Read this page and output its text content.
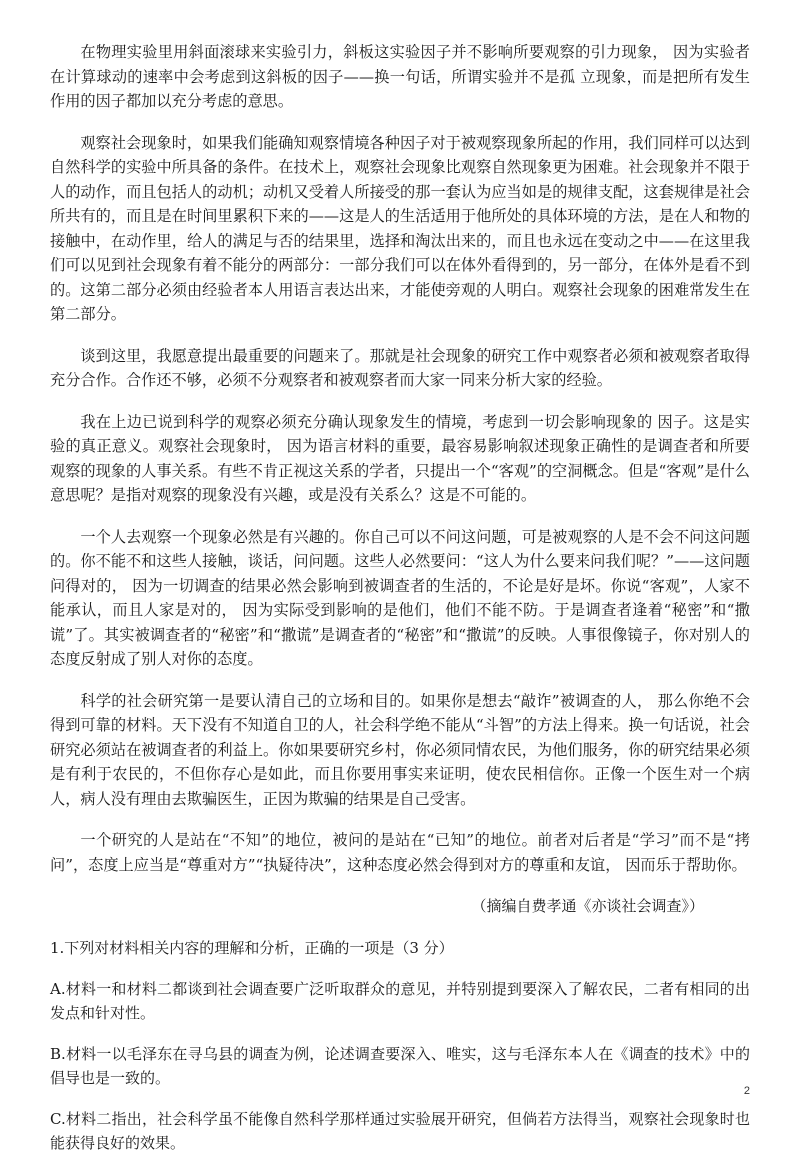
在物理实验里用斜面滚球来实验引力，斜板这实验因子并不影响所要观察的引力现象， 因为实验者在计算球动的速率中会考虑到这斜板的因子——换一句话，所谓实验并不是孤 立现象，而是把所有发生作用的因子都加以充分考虑的意思。

观察社会现象时，如果我们能确知观察情境各种因子对于被观察现象所起的作用，我们同样可以达到自然科学的实验中所具备的条件。在技术上，观察社会现象比观察自然现象更为困难。社会现象并不限于人的动作，而且包括人的动机；动机又受着人所接受的那一套认为应当如是的规律支配，这套规律是社会所共有的，而且是在时间里累积下来的——这是人的生活适用于他所处的具体环境的方法，是在人和物的接触中，在动作里，给人的满足与否的结果里，选择和淘汰出来的，而且也永远在变动之中——在这里我们可以见到社会现象有着不能分的两部分：一部分我们可以在体外看得到的，另一部分，在体外是看不到的。这第二部分必须由经验者本人用语言表达出来，才能使旁观的人明白。观察社会现象的困难常发生在第二部分。

谈到这里，我愿意提出最重要的问题来了。那就是社会现象的研究工作中观察者必须和被观察者取得充分合作。合作还不够，必须不分观察者和被观察者而大家一同来分析大家的经验。

我在上边已说到科学的观察必须充分确认现象发生的情境，考虑到一切会影响现象的 因子。这是实验的真正意义。观察社会现象时， 因为语言材料的重要，最容易影响叙述现象正确性的是调查者和所要观察的现象的人事关系。有些不肯正视这关系的学者，只提出一个“客观”的空洞概念。但是“客观”是什么意思呢？是指对观察的现象没有兴趣，或是没有关系么？这是不可能的。

一个人去观察一个现象必然是有兴趣的。你自己可以不问这问题，可是被观察的人是不会不问这问题的。你不能不和这些人接触，谈话，问问题。这些人必然要问：“这人为什么要来问我们呢？”——这问题问得对的， 因为一切调查的结果必然会影响到被调查者的生活的，不论是好是坏。你说“客观”，人家不能承认，而且人家是对的， 因为实际受到影响的是他们，他们不能不防。于是调查者逢着“秘密”和“撒谎”了。其实被调查者的“秘密”和“撒谎”是调查者的“秘密”和“撒谎”的反映。人事很像镜子，你对别人的态度反射成了别人对你的态度。

科学的社会研究第一是要认清自己的立场和目的。如果你是想去“敲诈”被调查的人， 那么你绝不会得到可靠的材料。天下没有不知道自卫的人，社会科学绝不能从“斗智”的方法上得来。换一句话说，社会研究必须站在被调查者的利益上。你如果要研究乡村，你必须同情农民，为他们服务，你的研究结果必须是有利于农民的，不但你存心是如此，而且你要用事实来证明，使农民相信你。正像一个医生对一个病人，病人没有理由去欺骗医生，正因为欺骗的结果是自己受害。

一个研究的人是站在“不知”的地位，被问的是站在“已知”的地位。前者对后者是“学习”而不是“拷问”，态度上应当是“尊重对方”“执疑待决”，这种态度必然会得到对方的尊重和友谊， 因而乐于帮助你。

（摘编自费孝通《亦谈社会调查》）

1.下列对材料相关内容的理解和分析，正确的一项是（3 分）

A.材料一和材料二都谈到社会调查要广泛听取群众的意见，并特别提到要深入了解农民，二者有相同的出发点和针对性。

B.材料一以毛泽东在寻乌县的调查为例，论述调查要深入、唯实，这与毛泽东本人在《调查的技术》中的倡导也是一致的。

C.材料二指出，社会科学虽不能像自然科学那样通过实验展开研究，但倘若方法得当，观察社会现象时也能获得良好的效果。

2
